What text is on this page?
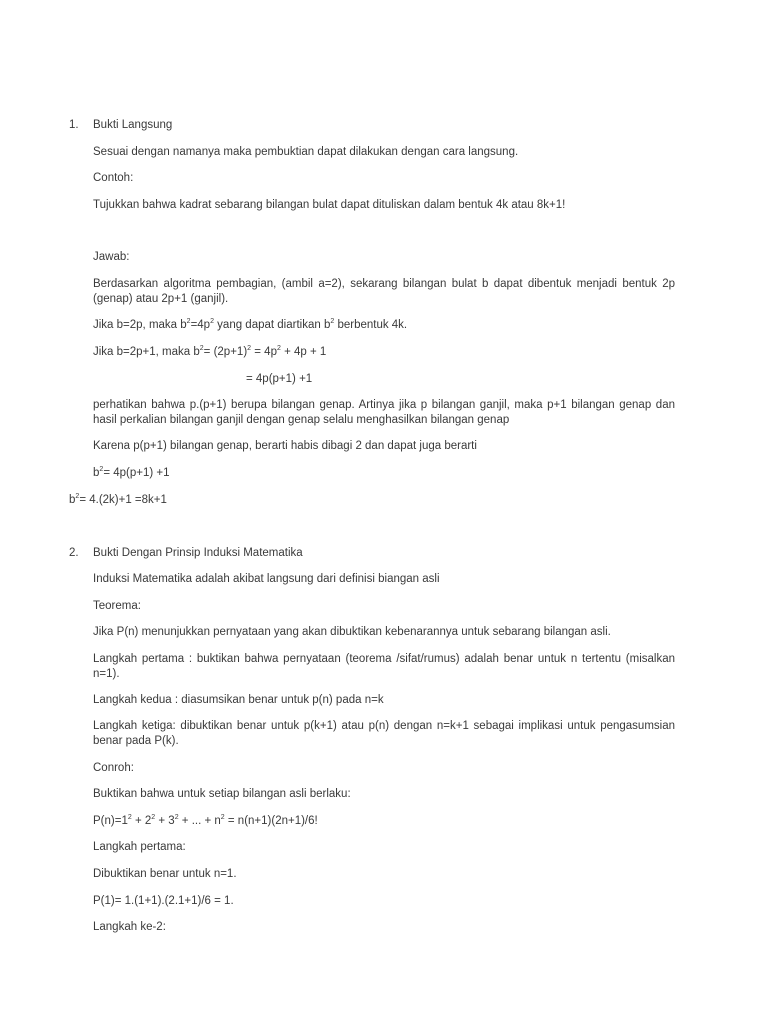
1. Bukti Langsung
Sesuai dengan namanya maka pembuktian dapat dilakukan dengan cara langsung.
Contoh:
Tujukkan bahwa kadrat sebarang bilangan bulat dapat dituliskan dalam bentuk 4k atau 8k+1!
Jawab:
Berdasarkan algoritma pembagian, (ambil a=2), sekarang bilangan bulat b dapat dibentuk menjadi bentuk 2p (genap) atau 2p+1 (ganjil).
Jika b=2p, maka $b^2=4p^2$ yang dapat diartikan $b^2$ berbentuk 4k.
Jika b=2p+1, maka $b^2= (2p+1)^2 = 4p^2 + 4p + 1$
= 4p(p+1) +1
perhatikan bahwa p.(p+1) berupa bilangan genap. Artinya jika p bilangan ganjil, maka p+1 bilangan genap dan hasil perkalian bilangan ganjil dengan genap selalu menghasilkan bilangan genap
Karena p(p+1) bilangan genap, berarti habis dibagi 2 dan dapat juga berarti
$b^2= 4p(p+1) +1$
$b^2= 4.(2k)+1 =8k+1$
2. Bukti Dengan Prinsip Induksi Matematika
Induksi Matematika adalah akibat langsung dari definisi biangan asli
Teorema:
Jika P(n) menunjukkan pernyataan yang akan dibuktikan kebenarannya untuk sebarang bilangan asli.
Langkah pertama : buktikan bahwa pernyataan (teorema /sifat/rumus) adalah benar untuk n tertentu (misalkan n=1).
Langkah kedua : diasumsikan benar untuk p(n) pada n=k
Langkah ketiga: dibuktikan benar untuk p(k+1) atau p(n) dengan n=k+1 sebagai implikasi untuk pengasumsian benar pada P(k).
Conroh:
Buktikan bahwa untuk setiap bilangan asli berlaku:
$P(n)=1^2 + 2^2 + 3^2$ + ... + $n^2 = n(n+1)(2n+1)/6$!
Langkah pertama:
Dibuktikan benar untuk n=1.
P(1)= 1.(1+1).(2.1+1)/6 = 1.
Langkah ke-2:
